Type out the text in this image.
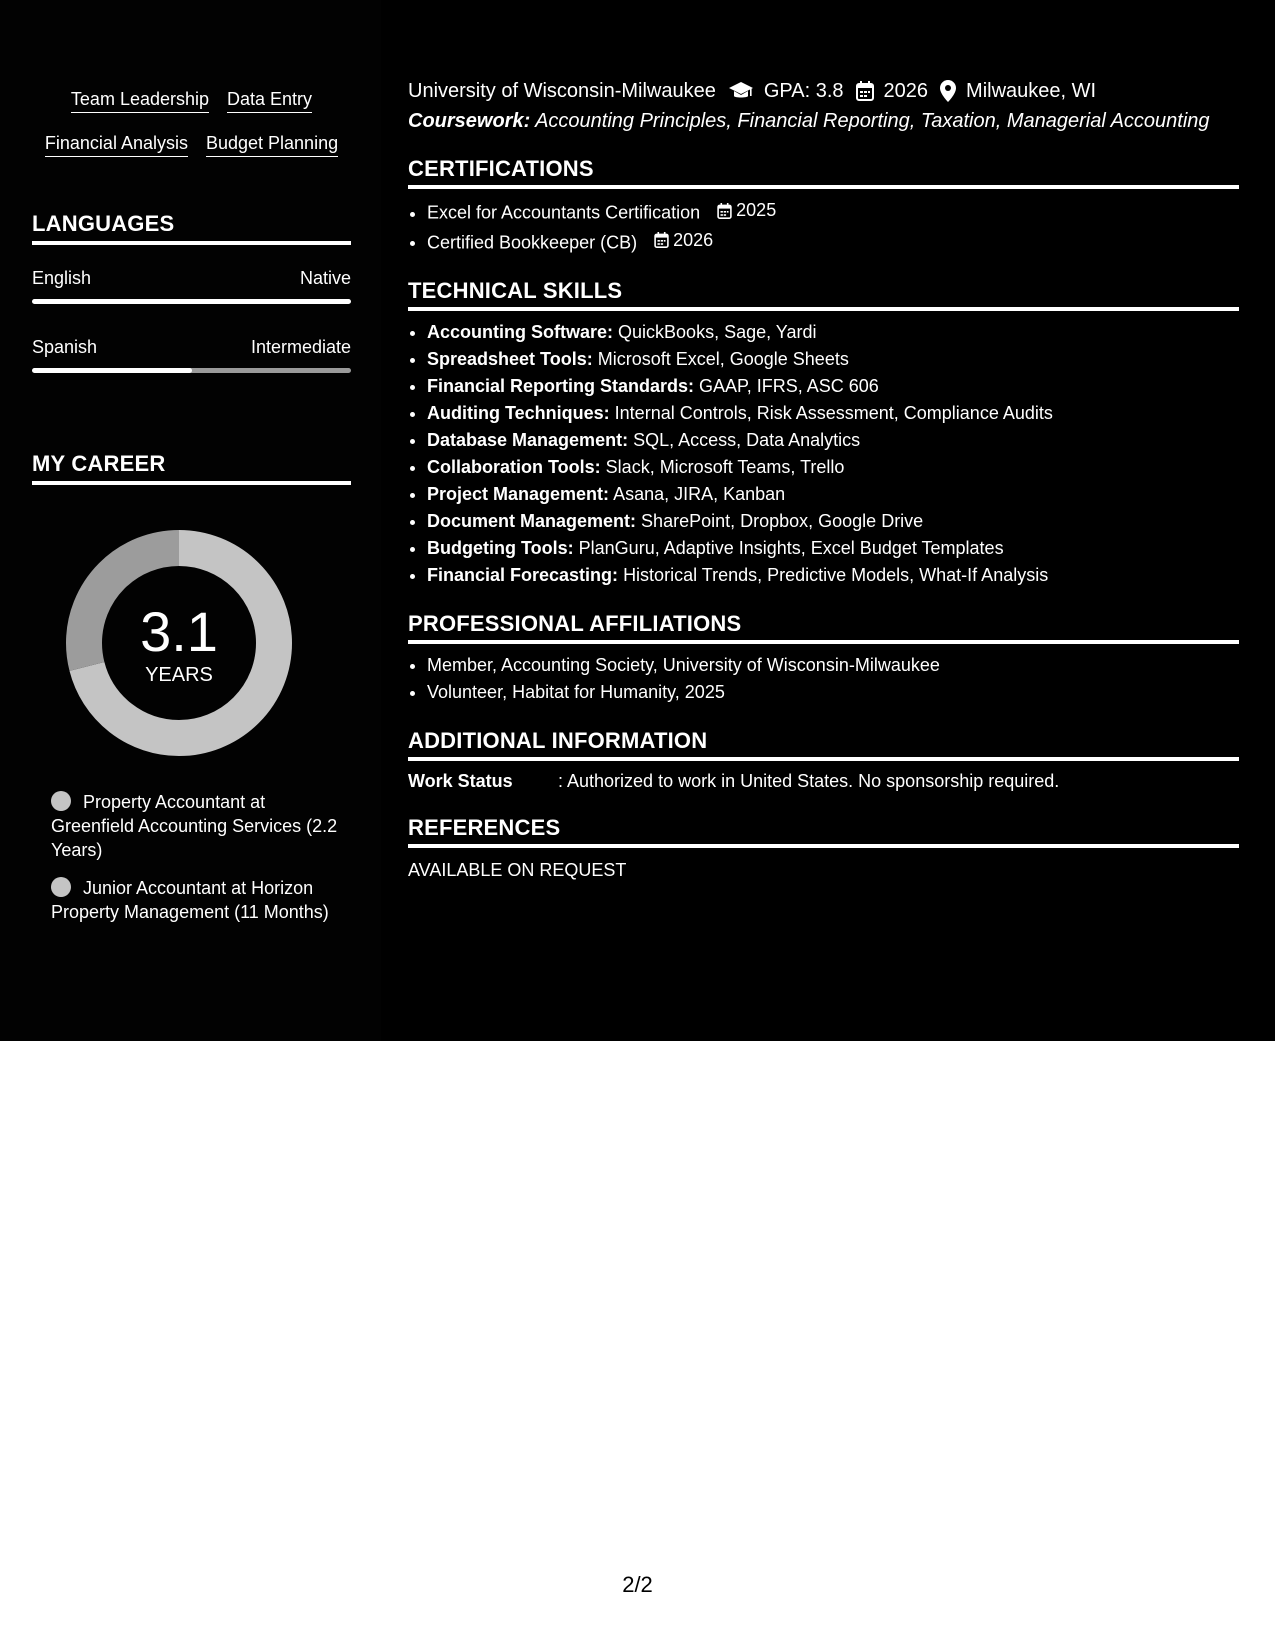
Team Leadership Data Entry
Financial Analysis Budget Planning
LANGUAGES
English	Native
Spanish	Intermediate
MY CAREER
3.1
YEARS
Property Accountant at Greenfield Accounting Services (2.2 Years)
Junior Accountant at Horizon Property Management (11 Months)
University of Wisconsin-Milwaukee GPA: 3.8 2026 Milwaukee, WI
Coursework: Accounting Principles, Financial Reporting, Taxation, Managerial Accounting
CERTIFICATIONS
• Excel for Accountants Certification 2025
• Certified Bookkeeper (CB) 2026
TECHNICAL SKILLS
• Accounting Software: QuickBooks, Sage, Yardi
• Spreadsheet Tools: Microsoft Excel, Google Sheets
• Financial Reporting Standards: GAAP, IFRS, ASC 606
• Auditing Techniques: Internal Controls, Risk Assessment, Compliance Audits
• Database Management: SQL, Access, Data Analytics
• Collaboration Tools: Slack, Microsoft Teams, Trello
• Project Management: Asana, JIRA, Kanban
• Document Management: SharePoint, Dropbox, Google Drive
• Budgeting Tools: PlanGuru, Adaptive Insights, Excel Budget Templates
• Financial Forecasting: Historical Trends, Predictive Models, What-If Analysis
PROFESSIONAL AFFILIATIONS
• Member, Accounting Society, University of Wisconsin-Milwaukee
• Volunteer, Habitat for Humanity, 2025
ADDITIONAL INFORMATION
Work Status	: Authorized to work in United States. No sponsorship required.
REFERENCES
AVAILABLE ON REQUEST
2/2
